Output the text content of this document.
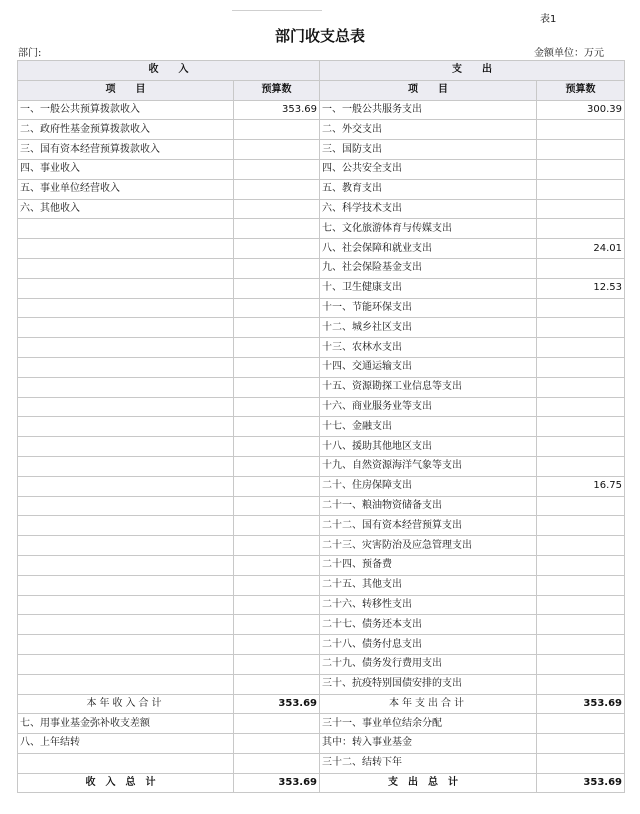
表1
部门收支总表
部门:	金额单位：万元
收　　入		支　　出	
项　　目	预算数	项　　目	预算数
一、一般公共预算拨款收入	353.69	一、一般公共服务支出	300.39
二、政府性基金预算拨款收入		二、外交支出	
三、国有资本经营预算拨款收入		三、国防支出	
四、事业收入		四、公共安全支出	
五、事业单位经营收入		五、教育支出	
六、其他收入		六、科学技术支出	
		七、文化旅游体育与传媒支出	
		八、社会保障和就业支出	24.01
		九、社会保险基金支出	
		十、卫生健康支出	12.53
		十一、节能环保支出	
		十二、城乡社区支出	
		十三、农林水支出	
		十四、交通运输支出	
		十五、资源勘探工业信息等支出	
		十六、商业服务业等支出	
		十七、金融支出	
		十八、援助其他地区支出	
		十九、自然资源海洋气象等支出	
		二十、住房保障支出	16.75
		二十一、粮油物资储备支出	
		二十二、国有资本经营预算支出	
		二十三、灾害防治及应急管理支出	
		二十四、预备费	
		二十五、其他支出	
		二十六、转移性支出	
		二十七、债务还本支出	
		二十八、债务付息支出	
		二十九、债务发行费用支出	
		三十、抗疫特别国债安排的支出	
本年收入合计	353.69	本年支出合计	353.69
七、用事业基金弥补收支差额		三十一、事业单位结余分配	
八、上年结转		其中：转入事业基金	
		三十二、结转下年	
收入总计	353.69	支出总计	353.69
